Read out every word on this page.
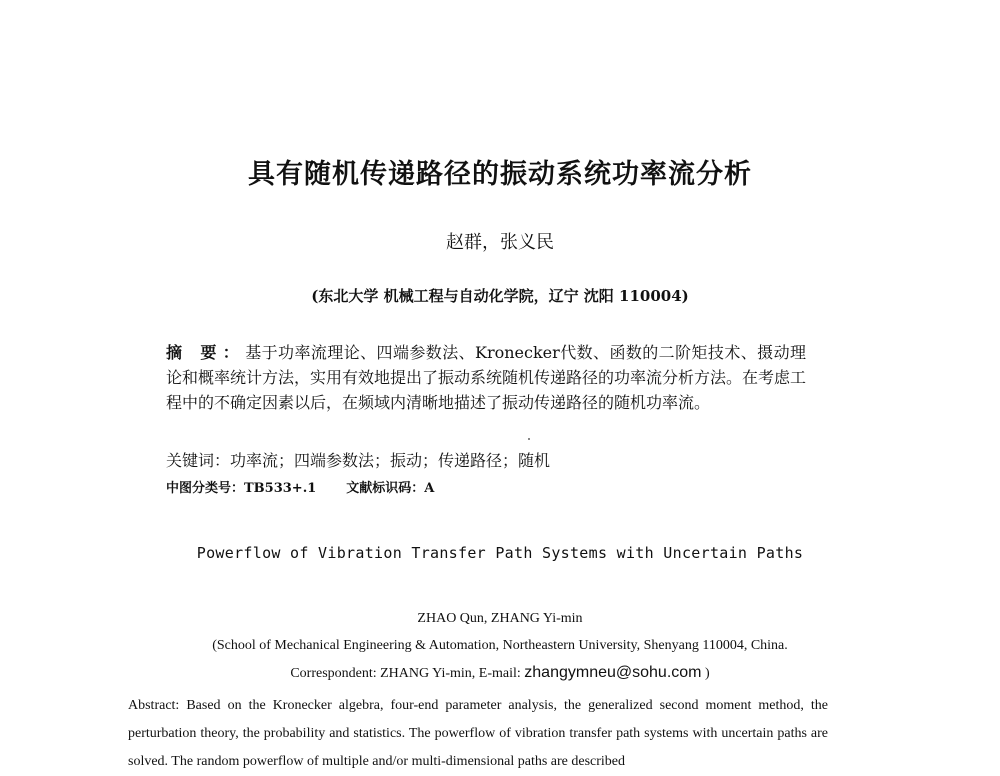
具有随机传递路径的振动系统功率流分析
赵群，张义民
(东北大学 机械工程与自动化学院，辽宁 沈阳 110004)
摘 要：基于功率流理论、四端参数法、Kronecker代数、函数的二阶矩技术、摄动理论和概率统计方法，实用有效地提出了振动系统随机传递路径的功率流分析方法。在考虑工程中的不确定因素以后，在频域内清晰地描述了振动传递路径的随机功率流。
关键词：功率流；四端参数法；振动；传递路径；随机
中图分类号：TB533+.1 文献标识码：A
Powerflow of Vibration Transfer Path Systems with Uncertain Paths
ZHAO Qun, ZHANG Yi-min
(School of Mechanical Engineering & Automation, Northeastern University, Shenyang 110004, China.
Correspondent: ZHANG Yi-min, E-mail: zhangymneu@sohu.com )
Abstract: Based on the Kronecker algebra, four-end parameter analysis, the generalized second moment method, the perturbation theory, the probability and statistics. The powerflow of vibration transfer path systems with uncertain paths are solved. The random powerflow of multiple and/or multi-dimensional paths are described
